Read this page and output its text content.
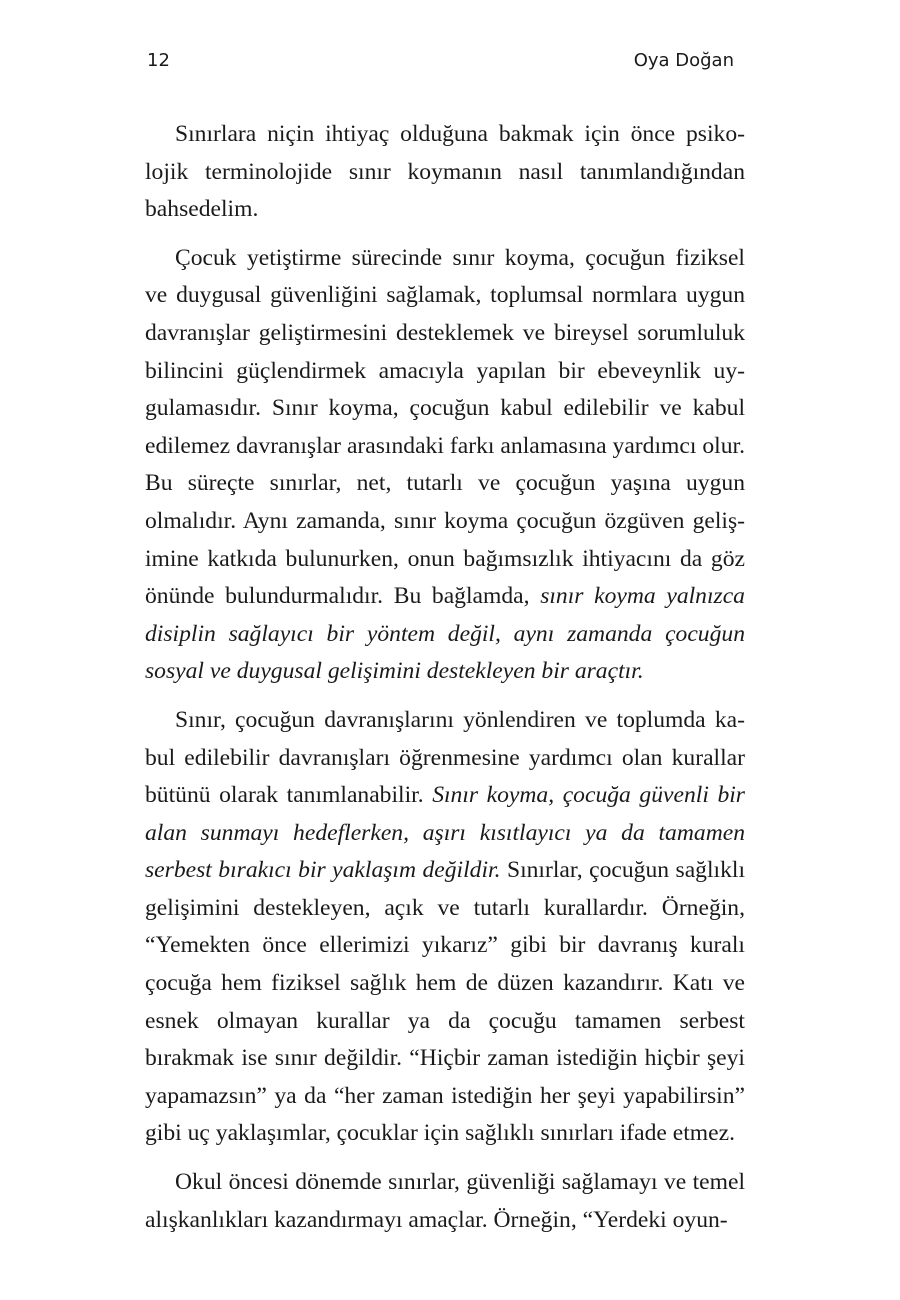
12	Oya Doğan

Sınırlara niçin ihtiyaç olduğuna bakmak için önce psikolojik terminolojide sınır koymanın nasıl tanımlandığından bahsedelim.

Çocuk yetiştirme sürecinde sınır koyma, çocuğun fiziksel ve duygusal güvenliğini sağlamak, toplumsal normlara uygun davranışlar geliştirmesini desteklemek ve bireysel sorumluluk bilincini güçlendirmek amacıyla yapılan bir ebeveynlik uygulamasıdır. Sınır koyma, çocuğun kabul edilebilir ve kabul edilemez davranışlar arasındaki farkı anlamasına yardımcı olur. Bu süreçte sınırlar, net, tutarlı ve çocuğun yaşına uygun olmalıdır. Aynı zamanda, sınır koyma çocuğun özgüven gelişimine katkıda bulunurken, onun bağımsızlık ihtiyacını da göz önünde bulundurmalıdır. Bu bağlamda, sınır koyma yalnızca disiplin sağlayıcı bir yöntem değil, aynı zamanda çocuğun sosyal ve duygusal gelişimini destekleyen bir araçtır.

Sınır, çocuğun davranışlarını yönlendiren ve toplumda kabul edilebilir davranışları öğrenmesine yardımcı olan kurallar bütünü olarak tanımlanabilir. Sınır koyma, çocuğa güvenli bir alan sunmayı hedeflerken, aşırı kısıtlayıcı ya da tamamen serbest bırakıcı bir yaklaşım değildir. Sınırlar, çocuğun sağlıklı gelişimini destekleyen, açık ve tutarlı kurallardır. Örneğin, “Yemekten önce ellerimizi yıkarız” gibi bir davranış kuralı çocuğa hem fiziksel sağlık hem de düzen kazandırır. Katı ve esnek olmayan kurallar ya da çocuğu tamamen serbest bırakmak ise sınır değildir. “Hiçbir zaman istediğin hiçbir şeyi yapamazsın” ya da “her zaman istediğin her şeyi yapabilirsin” gibi uç yaklaşımlar, çocuklar için sağlıklı sınırları ifade etmez.

Okul öncesi dönemde sınırlar, güvenliği sağlamayı ve temel alışkanlıkları kazandırmayı amaçlar. Örneğin, “Yerdeki oyun-
